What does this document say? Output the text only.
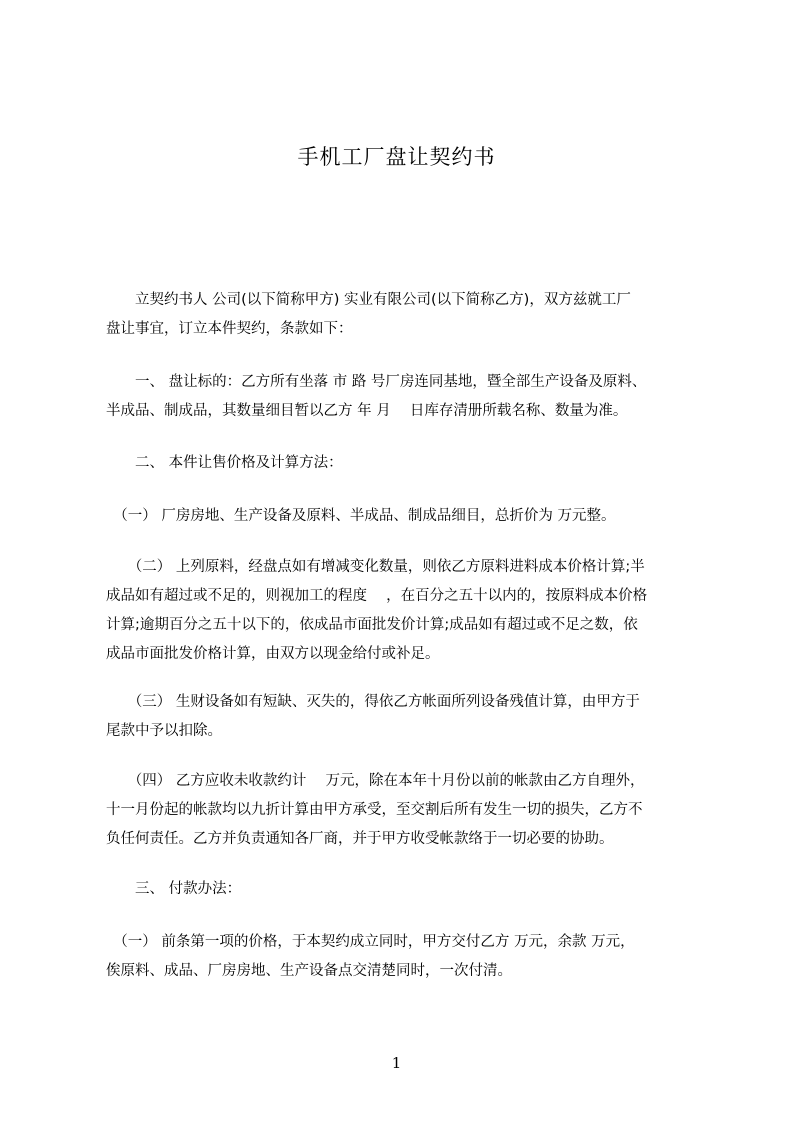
手机工厂盘让契约书
　　立契约书人 公司(以下简称甲方) 实业有限公司(以下简称乙方)，双方兹就工厂
盘让事宜，订立本件契约，条款如下：
　　一、 盘让标的：乙方所有坐落 市 路 号厂房连同基地，暨全部生产设备及原料、
半成品、制成品，其数量细目暂以乙方 年 月 　日库存清册所载名称、数量为准。
　　二、 本件让售价格及计算方法：
　（一） 厂房房地、生产设备及原料、半成品、制成品细目，总折价为 万元整。
　　（二） 上列原料，经盘点如有增减变化数量，则依乙方原料进料成本价格计算;半
成品如有超过或不足的，则视加工的程度 　，在百分之五十以内的，按原料成本价格
计算;逾期百分之五十以下的，依成品市面批发价计算;成品如有超过或不足之数，依
成品市面批发价格计算，由双方以现金给付或补足。
　　（三） 生财设备如有短缺、灭失的，得依乙方帐面所列设备残值计算，由甲方于
尾款中予以扣除。
　　（四） 乙方应收未收款约计 　万元，除在本年十月份以前的帐款由乙方自理外，
十一月份起的帐款均以九折计算由甲方承受，至交割后所有发生一切的损失，乙方不
负任何责任。乙方并负责通知各厂商，并于甲方收受帐款络于一切必要的协助。
　　三、 付款办法：
　（一） 前条第一项的价格，于本契约成立同时，甲方交付乙方 万元，余款 万元，
俟原料、成品、厂房房地、生产设备点交清楚同时，一次付清。
1
